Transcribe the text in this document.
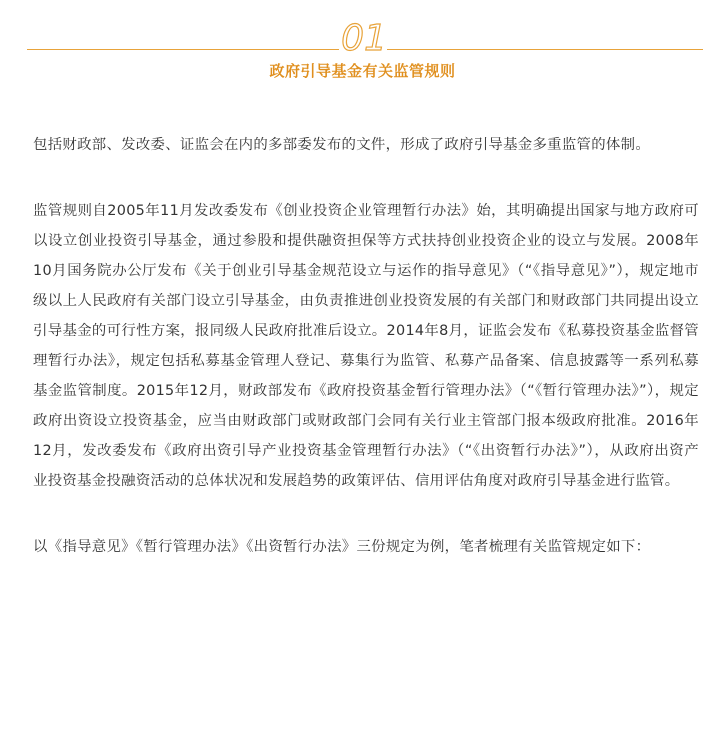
01
政府引导基金有关监管规则

包括财政部、发改委、证监会在内的多部委发布的文件，形成了政府引导基金多重监管的体制。

监管规则自2005年11月发改委发布《创业投资企业管理暂行办法》始，其明确提出国家与地方政府可以设立创业投资引导基金，通过参股和提供融资担保等方式扶持创业投资企业的设立与发展。2008年10月国务院办公厅发布《关于创业引导基金规范设立与运作的指导意见》（“《指导意见》”），规定地市级以上人民政府有关部门设立引导基金，由负责推进创业投资发展的有关部门和财政部门共同提出设立引导基金的可行性方案，报同级人民政府批准后设立。2014年8月，证监会发布《私募投资基金监督管理暂行办法》，规定包括私募基金管理人登记、募集行为监管、私募产品备案、信息披露等一系列私募基金监管制度。2015年12月，财政部发布《政府投资基金暂行管理办法》（“《暂行管理办法》”），规定政府出资设立投资基金，应当由财政部门或财政部门会同有关行业主管部门报本级政府批准。2016年12月，发改委发布《政府出资引导产业投资基金管理暂行办法》（“《出资暂行办法》”），从政府出资产业投资基金投融资活动的总体状况和发展趋势的政策评估、信用评估角度对政府引导基金进行监管。

以《指导意见》《暂行管理办法》《出资暂行办法》三份规定为例，笔者梳理有关监管规定如下：
